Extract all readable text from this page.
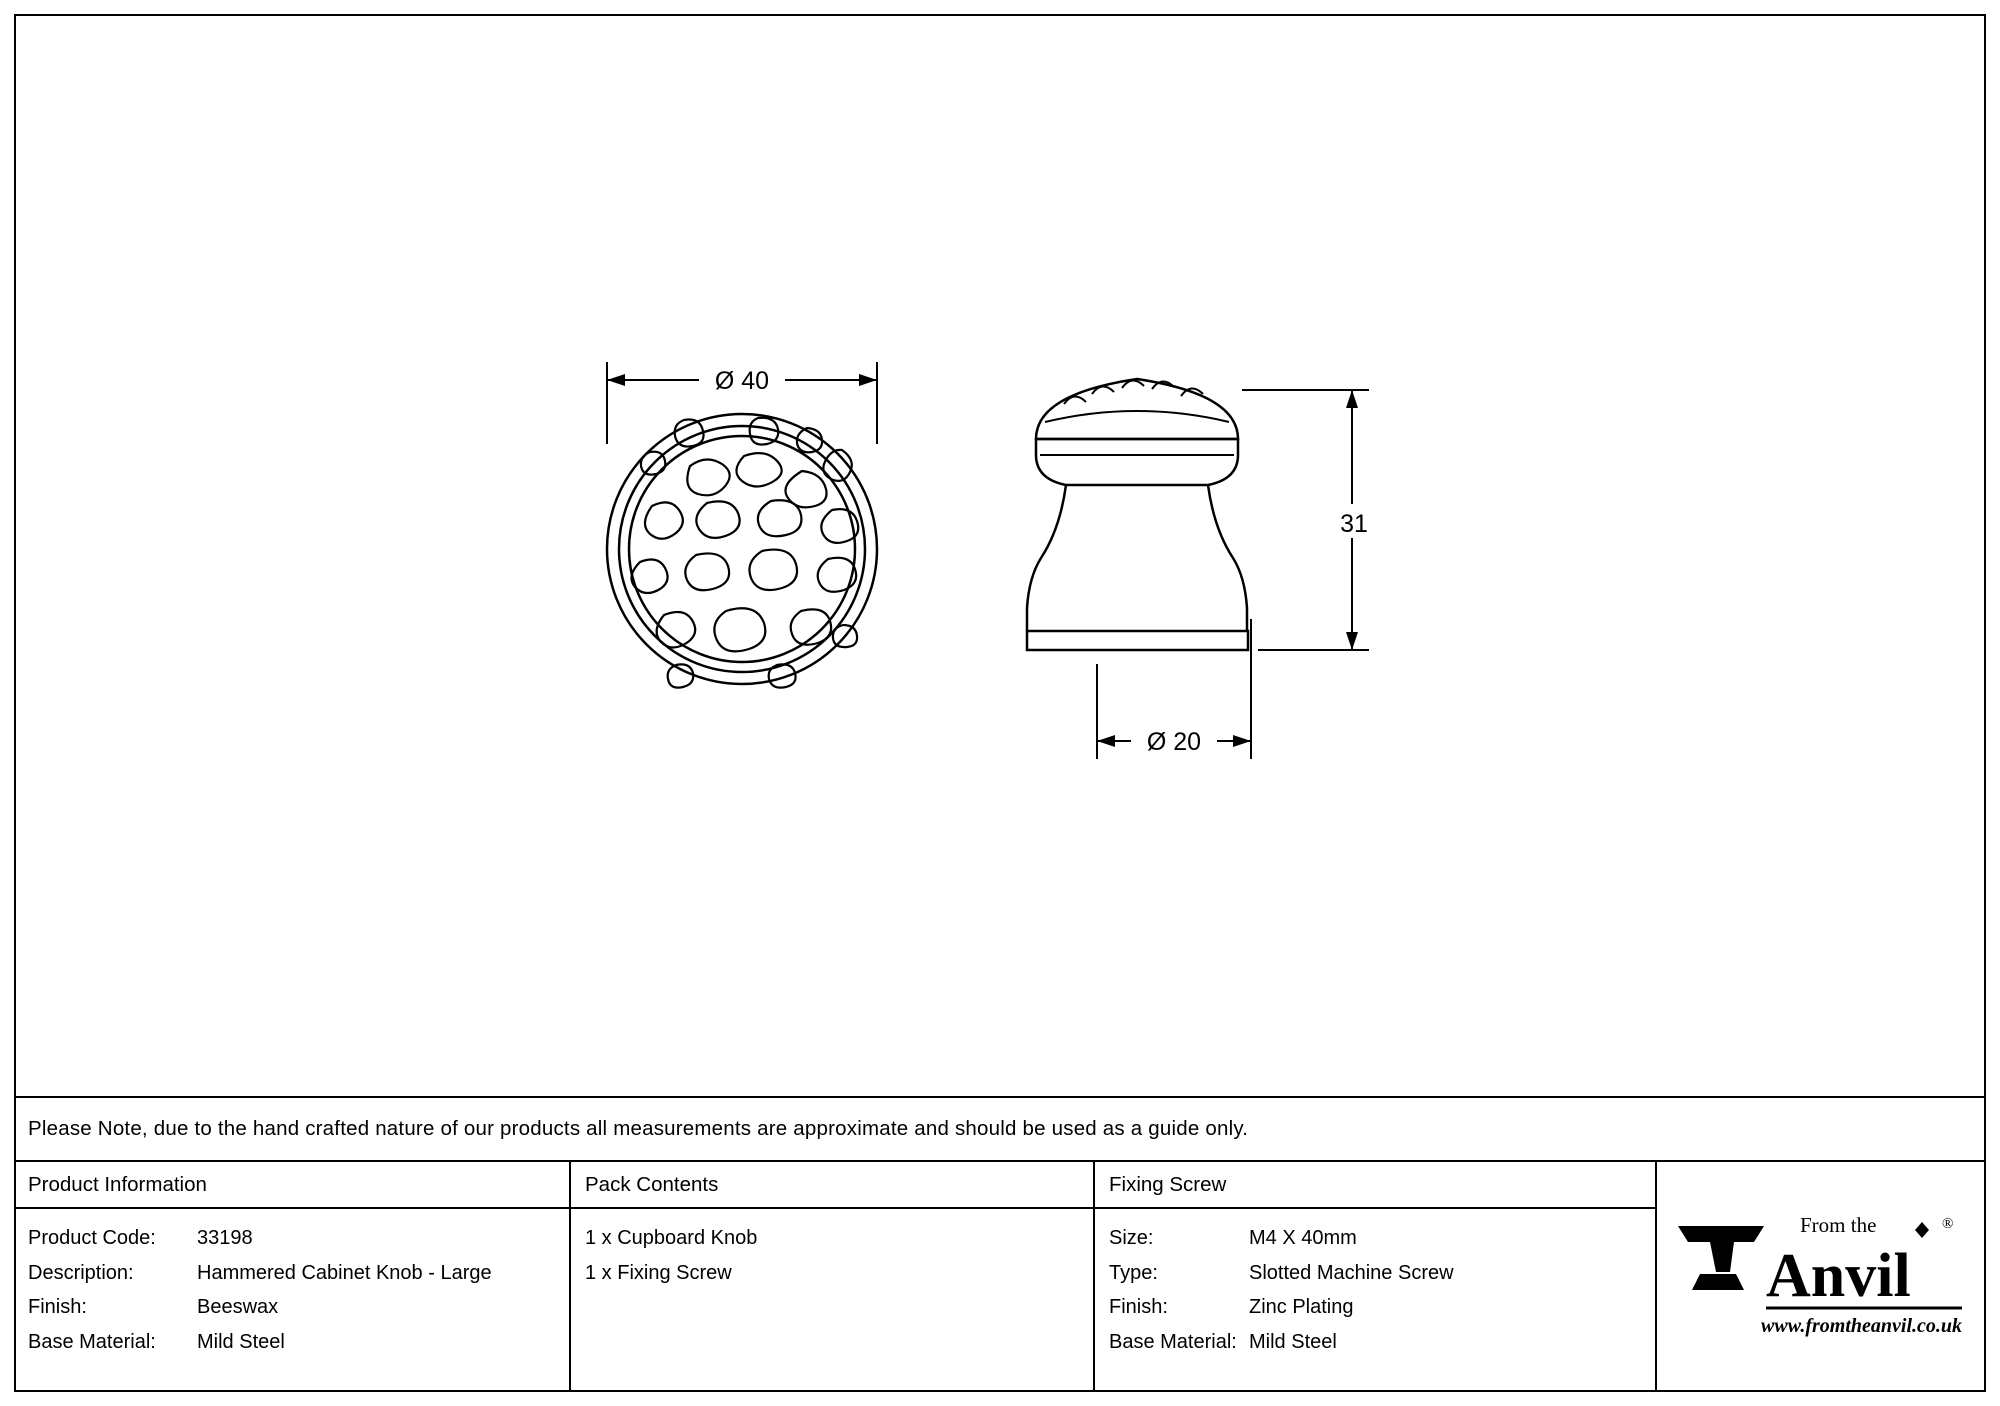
Ø 40
31
Ø 20
Please Note, due to the hand crafted nature of our products all measurements are approximate and should be used as a guide only.
Product Information
Product Code:	33198
Description:	Hammered Cabinet Knob - Large
Finish:	Beeswax
Base Material:	Mild Steel
Pack Contents
1 x Cupboard Knob
1 x Fixing Screw
Fixing Screw
Size:	M4 X 40mm
Type:	Slotted Machine Screw
Finish:	Zinc Plating
Base Material: Mild Steel
From the	®
Anvil
www.fromtheanvil.co.uk
